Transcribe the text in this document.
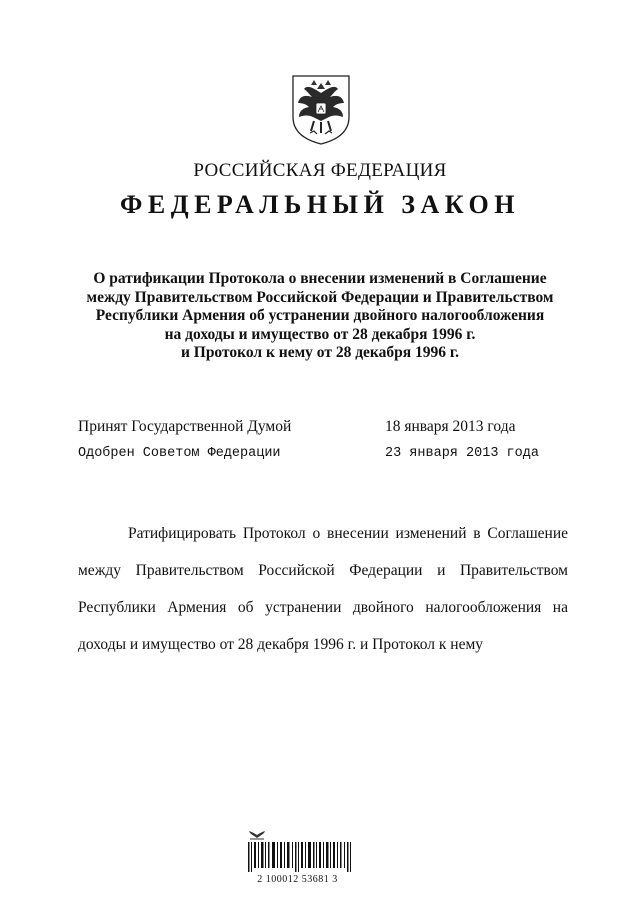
РОССИЙСКАЯ ФЕДЕРАЦИЯ
ФЕДЕРАЛЬНЫЙ ЗАКОН
О ратификации Протокола о внесении изменений в Соглашение
между Правительством Российской Федерации и Правительством
Республики Армения об устранении двойного налогообложения
на доходы и имущество от 28 декабря 1996 г.
и Протокол к нему от 28 декабря 1996 г.
Принят Государственной Думой	18 января 2013 года
Одобрен Советом Федерации	23 января 2013 года

Ратифицировать Протокол о внесении изменений в Соглашение между Правительством Российской Федерации и Правительством Республики Армения об устранении двойного налогообложения на доходы и имущество от 28 декабря 1996 г. и Протокол к нему

2 100012 53681 3
